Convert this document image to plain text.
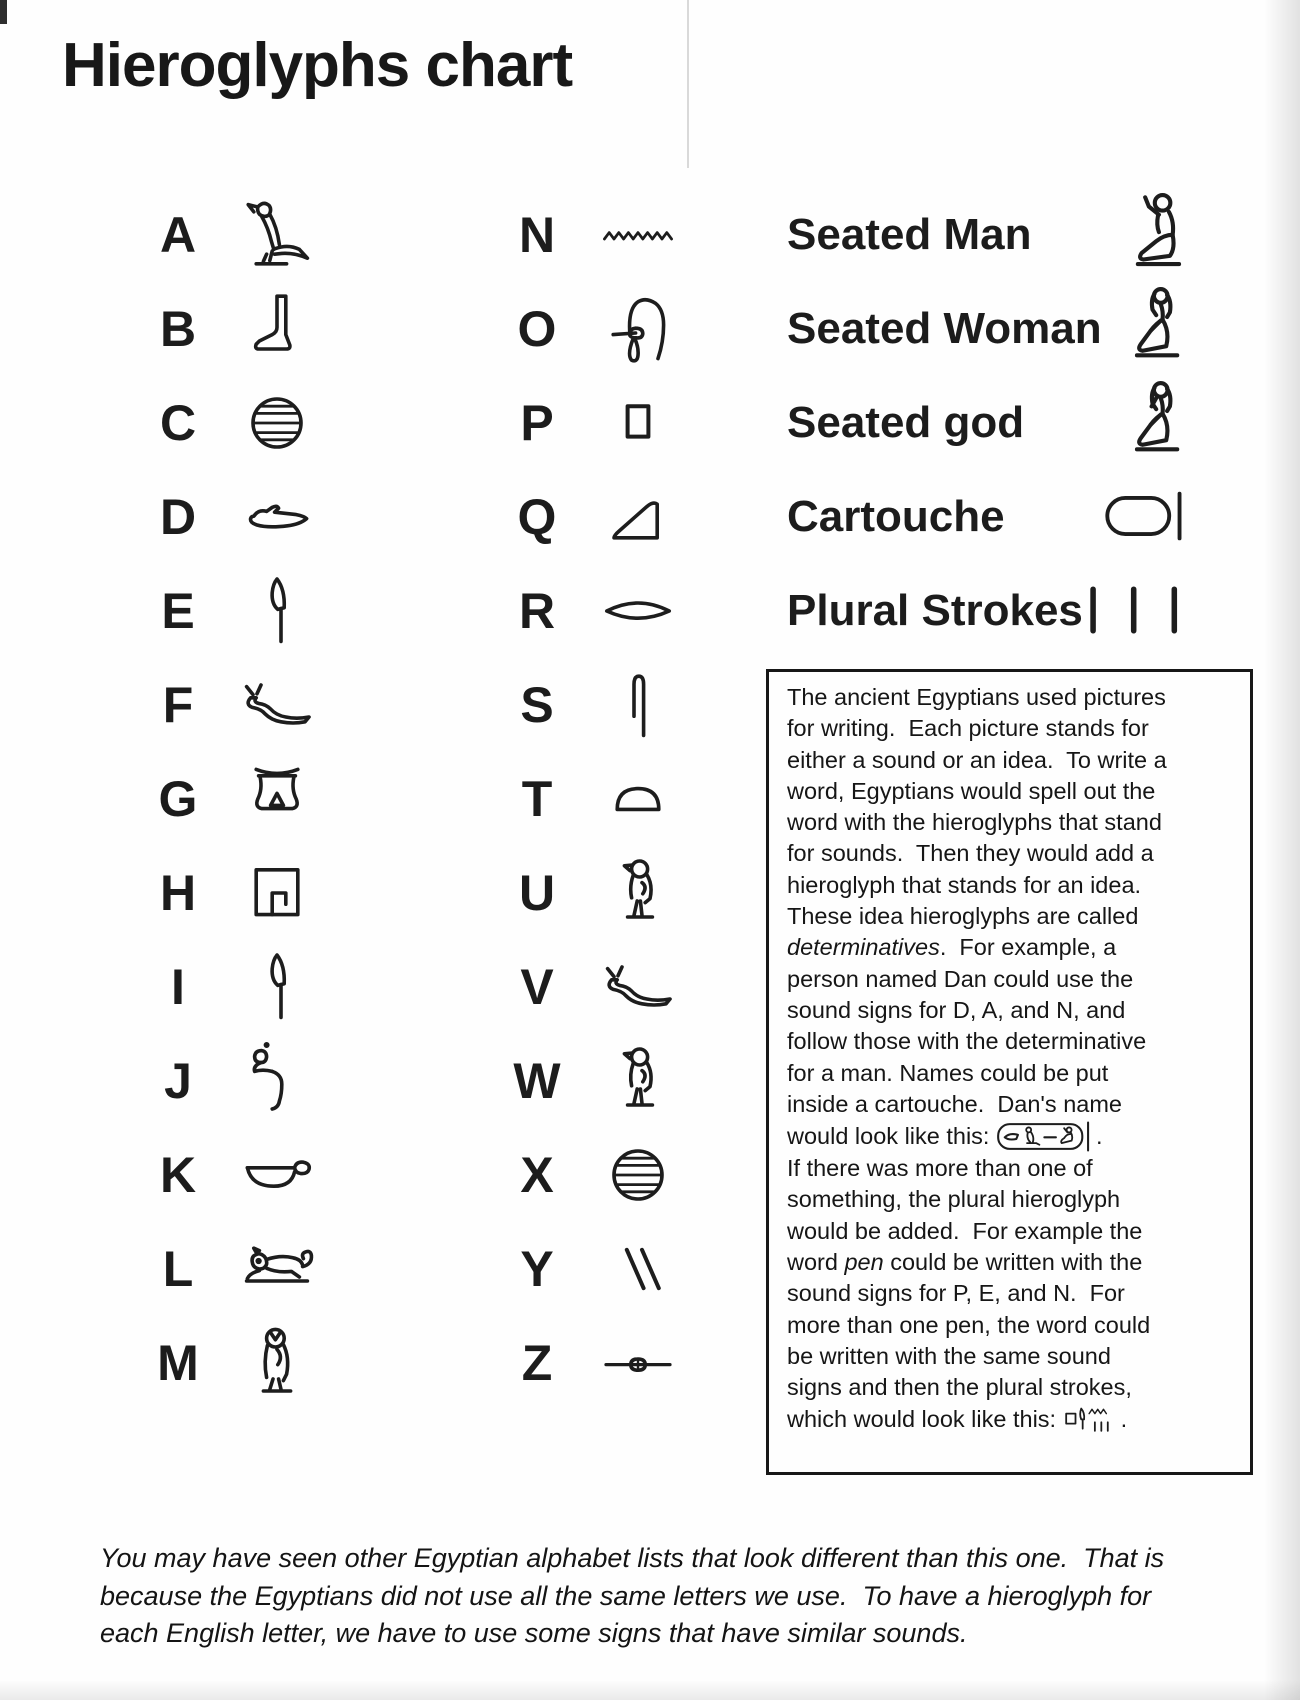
Hieroglyphs chart
A
B
C
D
E
F
G
H
I
J
K
L
M
N
O
P
Q
R
S
T
U
V
W
X
Y
Z
Seated Man
Seated Woman
Seated god
Cartouche
Plural Strokes
The ancient Egyptians used pictures
for writing.  Each picture stands for
either a sound or an idea.  To write a
word, Egyptians would spell out the
word with the hieroglyphs that stand
for sounds.  Then they would add a
hieroglyph that stands for an idea.
These idea hieroglyphs are called
determinatives.  For example, a
person named Dan could use the
sound signs for D, A, and N, and
follow those with the determinative
for a man. Names could be put
inside a cartouche.  Dan's name
would look like this:	.
If there was more than one of
something, the plural hieroglyph
would be added.  For example the
word pen could be written with the
sound signs for P, E, and N.  For
more than one pen, the word could
be written with the same sound
signs and then the plural strokes,
which would look like this: .
You may have seen other Egyptian alphabet lists that look different than this one.  That is
because the Egyptians did not use all the same letters we use.  To have a hieroglyph for
each English letter, we have to use some signs that have similar sounds.
